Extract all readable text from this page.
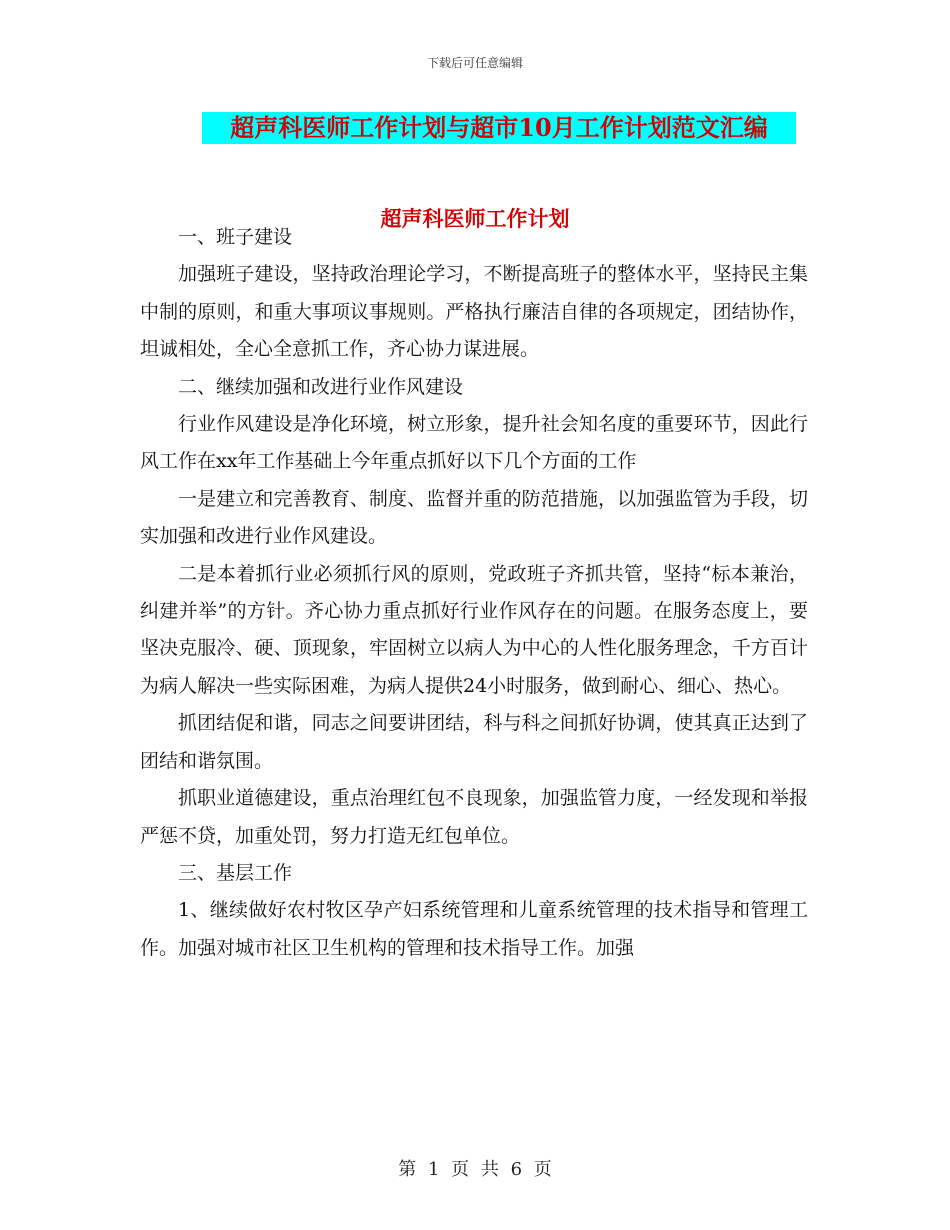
下载后可任意编辑
超声科医师工作计划与超市10月工作计划范文汇编
超声科医师工作计划

一、班子建设

加强班子建设，坚持政治理论学习，不断提高班子的整体水平，坚持民主集中制的原则，和重大事项议事规则。严格执行廉洁自律的各项规定，团结协作，坦诚相处，全心全意抓工作，齐心协力谋进展。

二、继续加强和改进行业作风建设

行业作风建设是净化环境，树立形象，提升社会知名度的重要环节，因此行风工作在xx年工作基础上今年重点抓好以下几个方面的工作

一是建立和完善教育、制度、监督并重的防范措施，以加强监管为手段，切实加强和改进行业作风建设。

二是本着抓行业必须抓行风的原则，党政班子齐抓共管，坚持“标本兼治，纠建并举”的方针。齐心协力重点抓好行业作风存在的问题。在服务态度上，要坚决克服冷、硬、顶现象，牢固树立以病人为中心的人性化服务理念，千方百计为病人解决一些实际困难，为病人提供24小时服务，做到耐心、细心、热心。

抓团结促和谐，同志之间要讲团结，科与科之间抓好协调，使其真正达到了团结和谐氛围。

抓职业道德建设，重点治理红包不良现象，加强监管力度，一经发现和举报严惩不贷，加重处罚，努力打造无红包单位。

三、基层工作

1、继续做好农村牧区孕产妇系统管理和儿童系统管理的技术指导和管理工作。加强对城市社区卫生机构的管理和技术指导工作。加强

第 1 页 共 6 页
